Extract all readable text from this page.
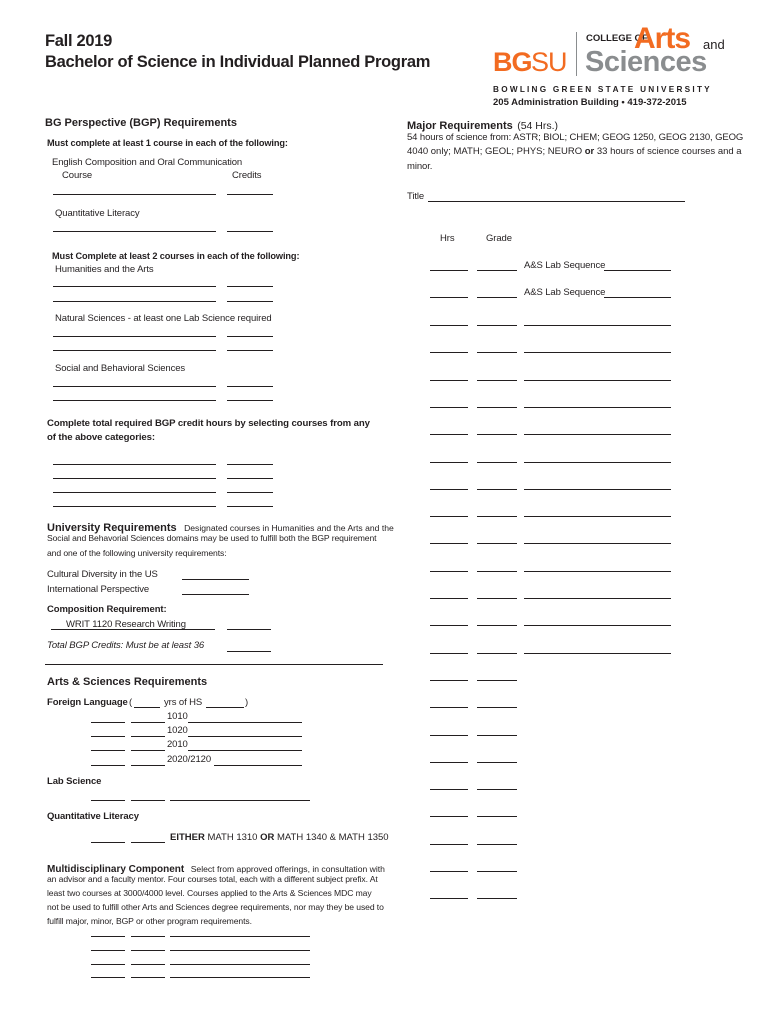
Fall 2019
Bachelor of Science in Individual Planned Program BG SU
COLLEGE OF
Arts and
Sciences
B O W L I N G   G R E E N   S T A T E   U N I V E R S I T Y
205 Administration Building • 419-372-2015
BG Perspective (BGP) Requirements
Must complete at least 1 course in each of the following:
English Composition and Oral Communication
Course	Credits
Quantitative Literacy
Must Complete at least 2 courses in each of the following:
Humanities and the Arts
Natural Sciences - at least one Lab Science required
Social and Behavioral Sciences
Complete total required BGP credit hours by selecting courses from any
of the above categories:
University Requirements Designated courses in Humanities and the Arts and the
Social and Behavorial Sciences domains may be used to fulfill both the BGP requirement
and one of the following university requirements:
Cultural Diversity in the US
International Perspective
Composition Requirement:
WRIT 1120 Research Writing
Total BGP Credits: Must be at least 36
Arts & Sciences Requirements
Foreign Language (	yrs of HS	)
1010
1020
2010
2020/2120
Lab Science
Quantitative Literacy
EITHER MATH 1310 OR MATH 1340 & MATH 1350
Multidisciplinary Component Select from approved offerings, in consultation with
an advisor and a faculty mentor. Four courses total, each with a different subject prefix. At
least two courses at 3000/4000 level. Courses applied to the Arts & Sciences MDC may
not be used to fulfill other Arts and Sciences degree requirements, nor may they be used to
fulfill major, minor, BGP or other program requirements.
Major Requirements (54 Hrs.)
54 hours of science from: ASTR; BIOL; CHEM; GEOG 1250, GEOG 2130, GEOG
4040 only; MATH; GEOL; PHYS; NEURO or 33 hours of science courses and a
minor.
Title
Hrs	Grade
A&S Lab Sequence
A&S Lab Sequence
